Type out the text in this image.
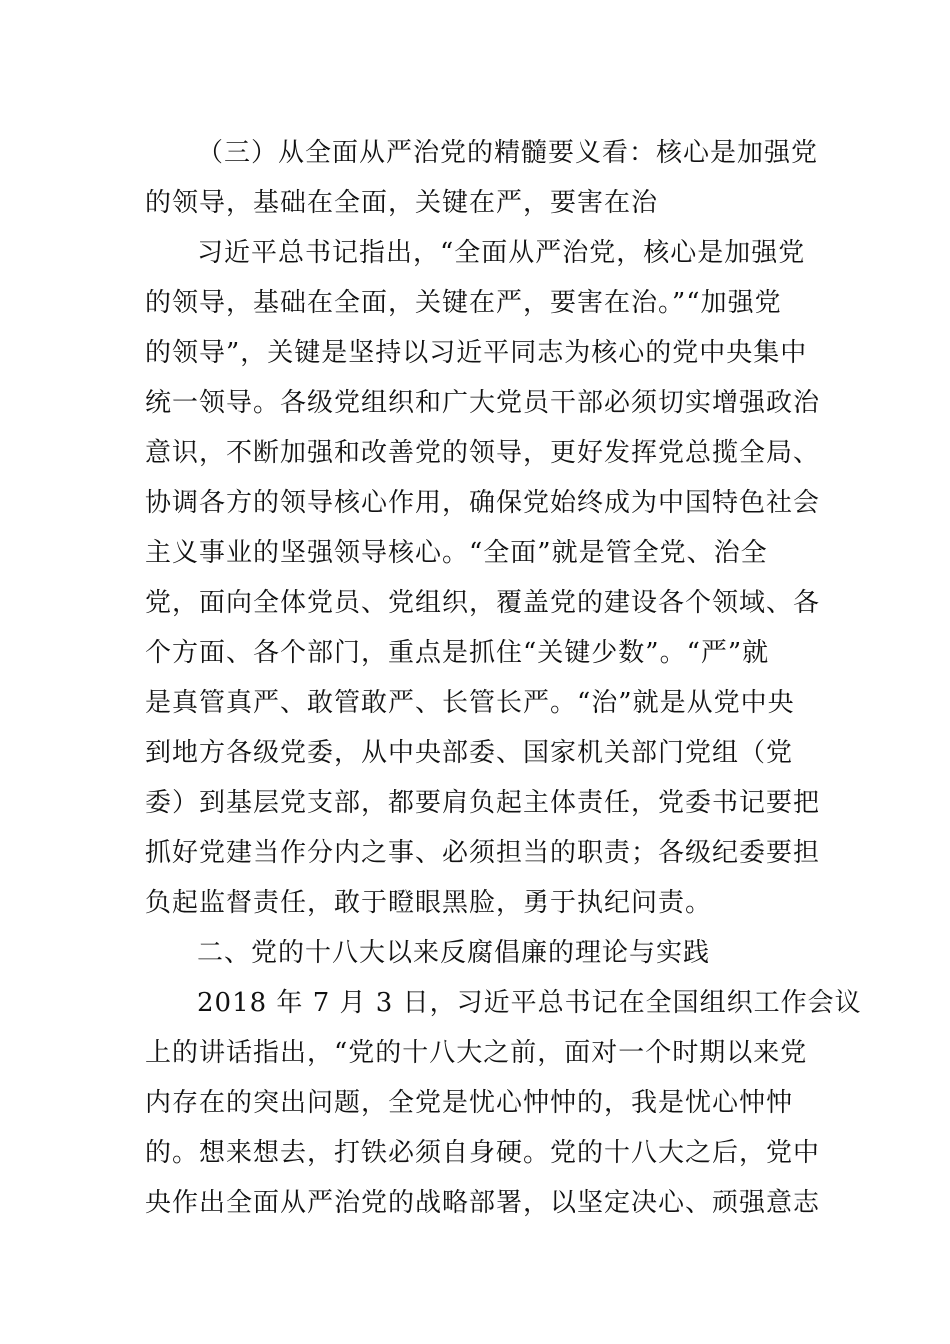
（三）从全面从严治党的精髓要义看：核心是加强党
的领导，基础在全面，关键在严，要害在治
习近平总书记指出，“全面从严治党，核心是加强党
的领导，基础在全面，关键在严，要害在治。”“加强党
的领导”，关键是坚持以习近平同志为核心的党中央集中
统一领导。各级党组织和广大党员干部必须切实增强政治
意识，不断加强和改善党的领导，更好发挥党总揽全局、
协调各方的领导核心作用，确保党始终成为中国特色社会
主义事业的坚强领导核心。“全面”就是管全党、治全
党，面向全体党员、党组织，覆盖党的建设各个领域、各
个方面、各个部门，重点是抓住“关键少数”。“严”就
是真管真严、敢管敢严、长管长严。“治”就是从党中央
到地方各级党委，从中央部委、国家机关部门党组（党
委）到基层党支部，都要肩负起主体责任，党委书记要把
抓好党建当作分内之事、必须担当的职责；各级纪委要担
负起监督责任，敢于瞪眼黑脸，勇于执纪问责。
二、党的十八大以来反腐倡廉的理论与实践
2018 年 7 月 3 日，习近平总书记在全国组织工作会议
上的讲话指出，“党的十八大之前，面对一个时期以来党
内存在的突出问题，全党是忧心忡忡的，我是忧心忡忡
的。想来想去，打铁必须自身硬。党的十八大之后，党中
央作出全面从严治党的战略部署，以坚定决心、顽强意志
